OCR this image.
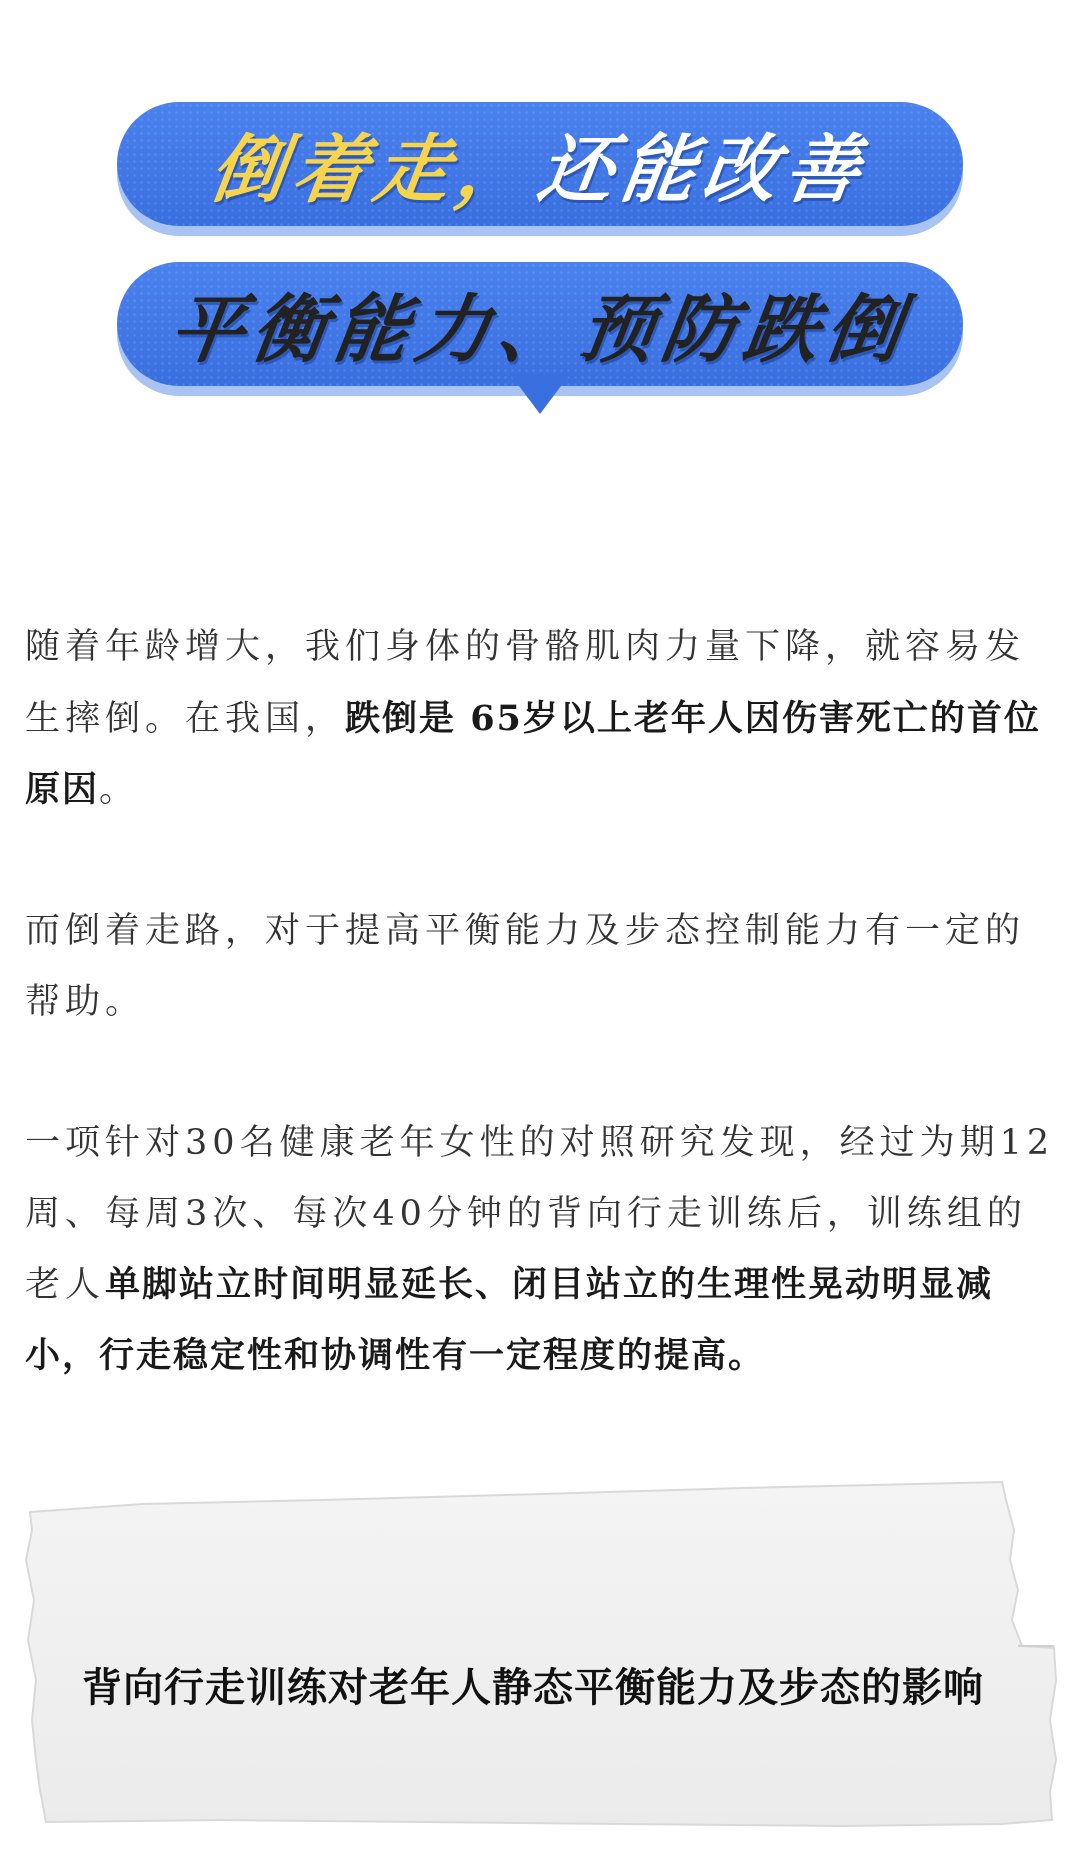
倒着走，还能改善
平衡能力、预防跌倒

随着年龄增大，我们身体的骨骼肌肉力量下降，就容易发生摔倒。在我国，跌倒是 65岁以上老年人因伤害死亡的首位原因。

而倒着走路，对于提高平衡能力及步态控制能力有一定的帮助。

一项针对30名健康老年女性的对照研究发现，经过为期12周、每周3次、每次40分钟的背向行走训练后，训练组的老人单脚站立时间明显延长、闭目站立的生理性晃动明显减小，行走稳定性和协调性有一定程度的提高。

背向行走训练对老年人静态平衡能力及步态的影响
